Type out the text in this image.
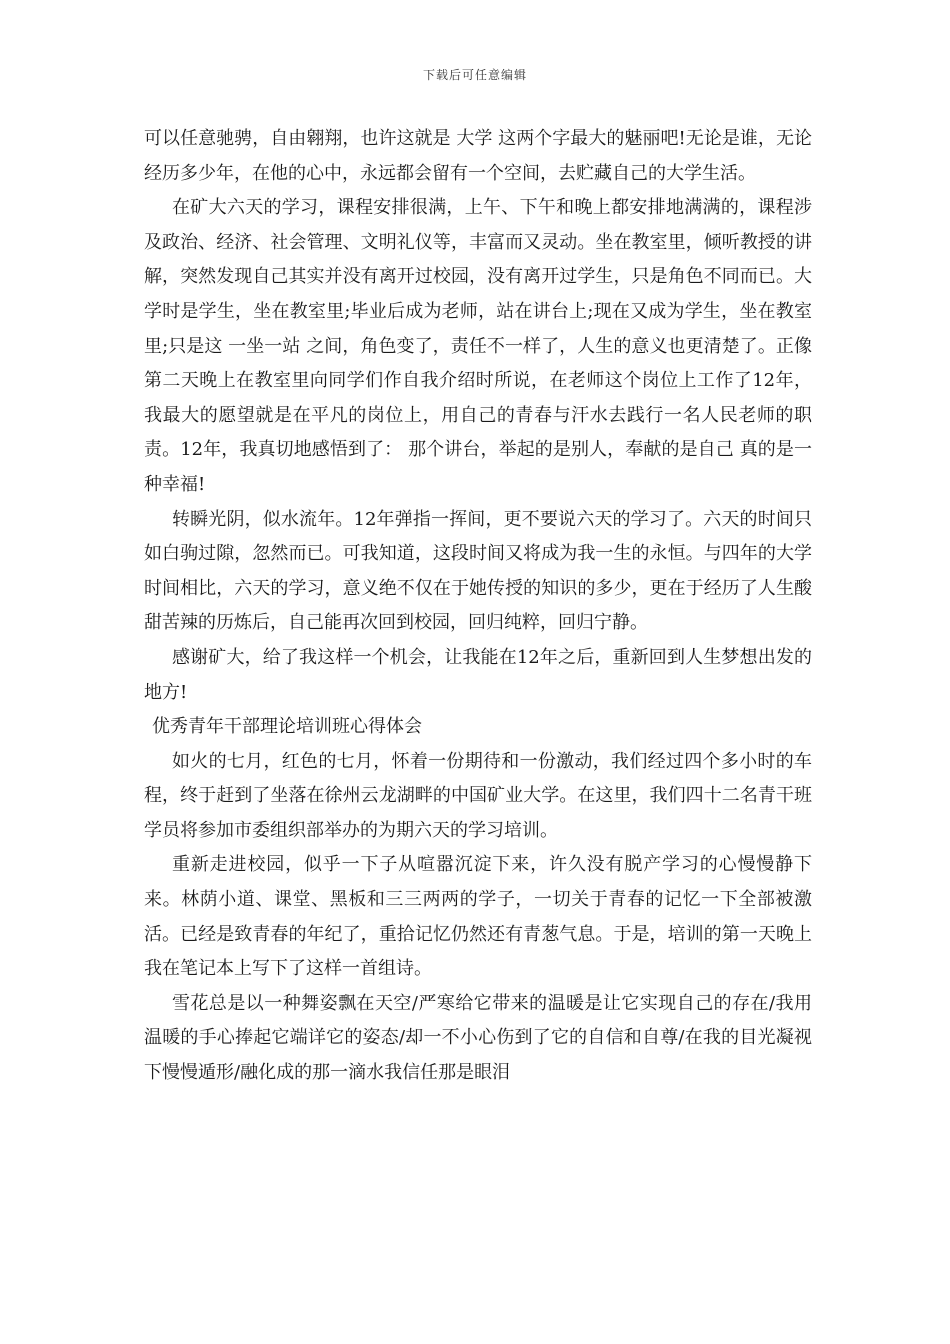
下载后可任意编辑

可以任意驰骋，自由翱翔，也许这就是 大学 这两个字最大的魅丽吧!无论是谁，无论经历多少年，在他的心中，永远都会留有一个空间，去贮藏自己的大学生活。

在矿大六天的学习，课程安排很满，上午、下午和晚上都安排地满满的，课程涉及政治、经济、社会管理、文明礼仪等，丰富而又灵动。坐在教室里，倾听教授的讲解，突然发现自己其实并没有离开过校园，没有离开过学生，只是角色不同而已。大学时是学生，坐在教室里;毕业后成为老师，站在讲台上;现在又成为学生，坐在教室里;只是这 一坐一站 之间，角色变了，责任不一样了，人生的意义也更清楚了。正像第二天晚上在教室里向同学们作自我介绍时所说，在老师这个岗位上工作了12年，我最大的愿望就是在平凡的岗位上，用自己的青春与汗水去践行一名人民老师的职责。12年，我真切地感悟到了： 那个讲台，举起的是别人，奉献的是自己 真的是一种幸福!

转瞬光阴，似水流年。12年弹指一挥间，更不要说六天的学习了。六天的时间只如白驹过隙，忽然而已。可我知道，这段时间又将成为我一生的永恒。与四年的大学时间相比，六天的学习，意义绝不仅在于她传授的知识的多少，更在于经历了人生酸甜苦辣的历炼后，自己能再次回到校园，回归纯粹，回归宁静。

感谢矿大，给了我这样一个机会，让我能在12年之后，重新回到人生梦想出发的地方!

优秀青年干部理论培训班心得体会

如火的七月，红色的七月，怀着一份期待和一份激动，我们经过四个多小时的车程，终于赶到了坐落在徐州云龙湖畔的中国矿业大学。在这里，我们四十二名青干班学员将参加市委组织部举办的为期六天的学习培训。

重新走进校园，似乎一下子从喧嚣沉淀下来，许久没有脱产学习的心慢慢静下来。林荫小道、课堂、黑板和三三两两的学子，一切关于青春的记忆一下全部被激活。已经是致青春的年纪了，重拾记忆仍然还有青葱气息。于是，培训的第一天晚上我在笔记本上写下了这样一首组诗。

雪花总是以一种舞姿飘在天空/严寒给它带来的温暖是让它实现自己的存在/我用温暖的手心捧起它端详它的姿态/却一不小心伤到了它的自信和自尊/在我的目光凝视下慢慢遁形/融化成的那一滴水我信任那是眼泪
